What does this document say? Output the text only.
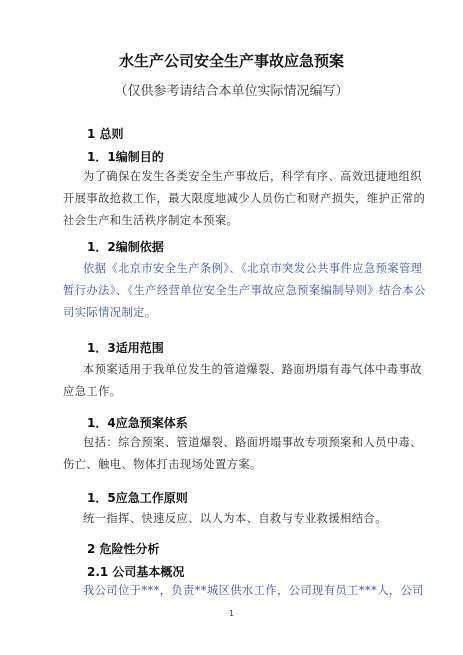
水生产公司安全生产事故应急预案
（仅供参考请结合本单位实际情况编写）
1 总则
1．1编制目的
为了确保在发生各类安全生产事故后，科学有序、高效迅捷地组织
开展事故抢救工作，最大限度地减少人员伤亡和财产损失，维护正常的
社会生产和生活秩序制定本预案。
1．2编制依据
依据《北京市安全生产条例》、《北京市突发公共事件应急预案管理
暂行办法》、《生产经营单位安全生产事故应急预案编制导则》结合本公
司实际情况制定。
1．3适用范围
本预案适用于我单位发生的管道爆裂、路面坍塌有毒气体中毒事故
应急工作。
1．4应急预案体系
包括：综合预案、管道爆裂、路面坍塌事故专项预案和人员中毒、
伤亡、触电、物体打击现场处置方案。
1．5应急工作原则
统一指挥、快速反应、以人为本、自救与专业救援相结合。
2 危险性分析
2.1 公司基本概况
我公司位于***，负责**城区供水工作，公司现有员工***人，公司
1
